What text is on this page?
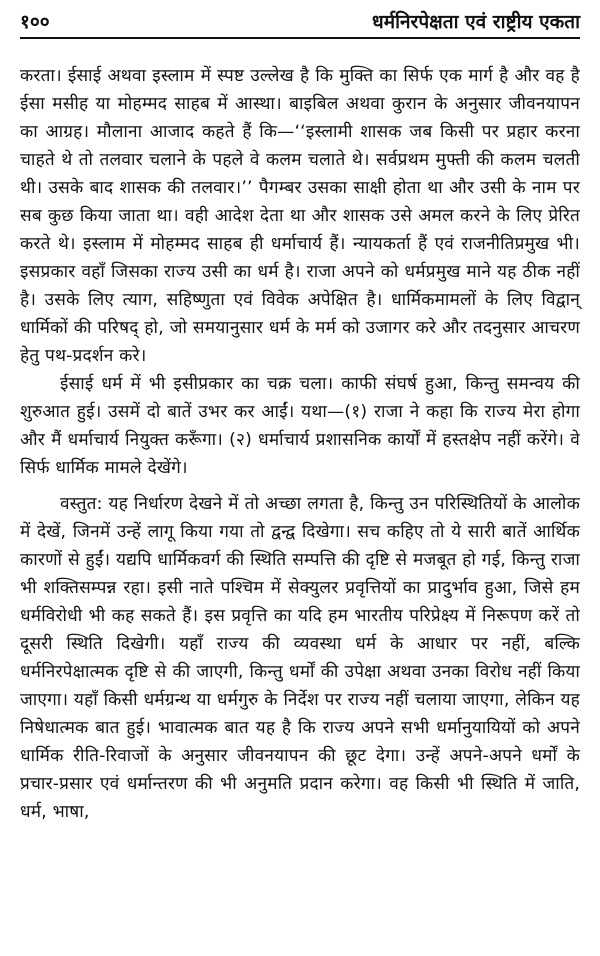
१००	धर्मनिरपेक्षता एवं राष्ट्रीय एकता

करता। ईसाई अथवा इस्लाम में स्पष्ट उल्लेख है कि मुक्ति का सिर्फ एक मार्ग है और वह है ईसा मसीह या मोहम्मद साहब में आस्था। बाइबिल अथवा कुरान के अनुसार जीवनयापन का आग्रह। मौलाना आजाद कहते हैं कि—‘‘इस्लामी शासक जब किसी पर प्रहार करना चाहते थे तो तलवार चलाने के पहले वे कलम चलाते थे। सर्वप्रथम मुफ्ती की कलम चलती थी। उसके बाद शासक की तलवार।’’ पैगम्बर उसका साक्षी होता था और उसी के नाम पर सब कुछ किया जाता था। वही आदेश देता था और शासक उसे अमल करने के लिए प्रेरित करते थे। इस्लाम में मोहम्मद साहब ही धर्माचार्य हैं। न्यायकर्ता हैं एवं राजनीतिप्रमुख भी। इसप्रकार वहाँ जिसका राज्य उसी का धर्म है। राजा अपने को धर्मप्रमुख माने यह ठीक नहीं है। उसके लिए त्याग, सहिष्णुता एवं विवेक अपेक्षित है। धार्मिकमामलों के लिए विद्वान् धार्मिकों की परिषद् हो, जो समयानुसार धर्म के मर्म को उजागर करे और तदनुसार आचरण हेतु पथ-प्रदर्शन करे।

ईसाई धर्म में भी इसीप्रकार का चक्र चला। काफी संघर्ष हुआ, किन्तु समन्वय की शुरुआत हुई। उसमें दो बातें उभर कर आईं। यथा—(१) राजा ने कहा कि राज्य मेरा होगा और मैं धर्माचार्य नियुक्त करूँगा। (२) धर्माचार्य प्रशासनिक कार्यों में हस्तक्षेप नहीं करेंगे। वे सिर्फ धार्मिक मामले देखेंगे।

वस्तुत: यह निर्धारण देखने में तो अच्छा लगता है, किन्तु उन परिस्थितियों के आलोक में देखें, जिनमें उन्हें लागू किया गया तो द्वन्द्व दिखेगा। सच कहिए तो ये सारी बातें आर्थिक कारणों से हुईं। यद्यपि धार्मिकवर्ग की स्थिति सम्पत्ति की दृष्टि से मजबूत हो गई, किन्तु राजा भी शक्तिसम्पन्न रहा। इसी नाते पश्चिम में सेक्युलर प्रवृत्तियों का प्रादुर्भाव हुआ, जिसे हम धर्मविरोधी भी कह सकते हैं। इस प्रवृत्ति का यदि हम भारतीय परिप्रेक्ष्य में निरूपण करें तो दूसरी स्थिति दिखेगी। यहाँ राज्य की व्यवस्था धर्म के आधार पर नहीं, बल्कि धर्मनिरपेक्षात्मक दृष्टि से की जाएगी, किन्तु धर्मों की उपेक्षा अथवा उनका विरोध नहीं किया जाएगा। यहाँ किसी धर्मग्रन्थ या धर्मगुरु के निर्देश पर राज्य नहीं चलाया जाएगा, लेकिन यह निषेधात्मक बात हुई। भावात्मक बात यह है कि राज्य अपने सभी धर्मानुयायियों को अपने धार्मिक रीति-रिवाजों के अनुसार जीवनयापन की छूट देगा। उन्हें अपने-अपने धर्मों के प्रचार-प्रसार एवं धर्मान्तरण की भी अनुमति प्रदान करेगा। वह किसी भी स्थिति में जाति, धर्म, भाषा,
